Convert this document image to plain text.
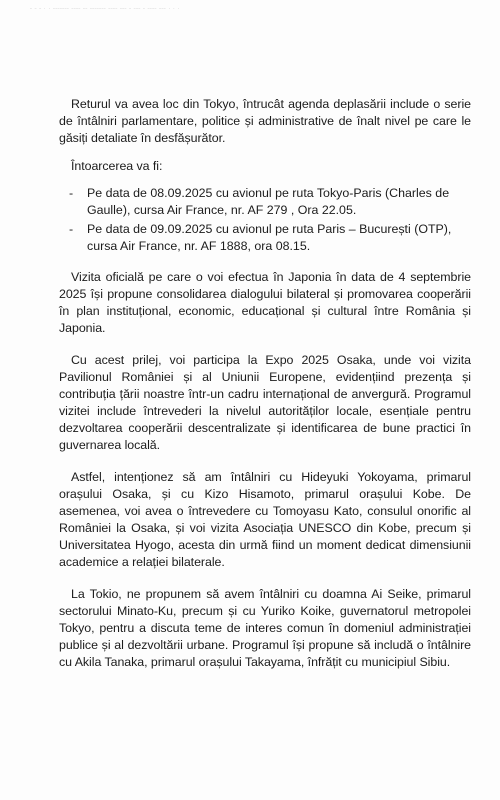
— — — · · ——————— ———— —— ——————— ———— ——— — ——— — ———— ——— · · ·

Returul va avea loc din Tokyo, întrucât agenda deplasării include o serie de întâlniri parlamentare, politice și administrative de înalt nivel pe care le găsiți detaliate în desfășurător.

Întoarcerea va fi:

- Pe data de 08.09.2025 cu avionul pe ruta Tokyo-Paris (Charles de Gaulle), cursa Air France, nr. AF 279 , Ora 22.05.
- Pe data de 09.09.2025 cu avionul pe ruta Paris – București (OTP), cursa Air France, nr. AF 1888, ora 08.15.

Vizita oficială pe care o voi efectua în Japonia în data de 4 septembrie 2025 își propune consolidarea dialogului bilateral și promovarea cooperării în plan instituțional, economic, educațional și cultural între România și Japonia.

Cu acest prilej, voi participa la Expo 2025 Osaka, unde voi vizita Pavilionul României și al Uniunii Europene, evidențiind prezența și contribuția țării noastre într-un cadru internațional de anvergură. Programul vizitei include întrevederi la nivelul autorităților locale, esențiale pentru dezvoltarea cooperării descentralizate și identificarea de bune practici în guvernarea locală.

Astfel, intenționez să am întâlniri cu Hideyuki Yokoyama, primarul orașului Osaka, și cu Kizo Hisamoto, primarul orașului Kobe. De asemenea, voi avea o întrevedere cu Tomoyasu Kato, consulul onorific al României la Osaka, și voi vizita Asociația UNESCO din Kobe, precum și Universitatea Hyogo, acesta din urmă fiind un moment dedicat dimensiunii academice a relației bilaterale.

La Tokio, ne propunem să avem întâlniri cu doamna Ai Seike, primarul sectorului Minato-Ku, precum și cu Yuriko Koike, guvernatorul metropolei Tokyo, pentru a discuta teme de interes comun în domeniul administrației publice și al dezvoltării urbane. Programul își propune să includă o întâlnire cu Akila Tanaka, primarul orașului Takayama, înfrățit cu municipiul Sibiu.
